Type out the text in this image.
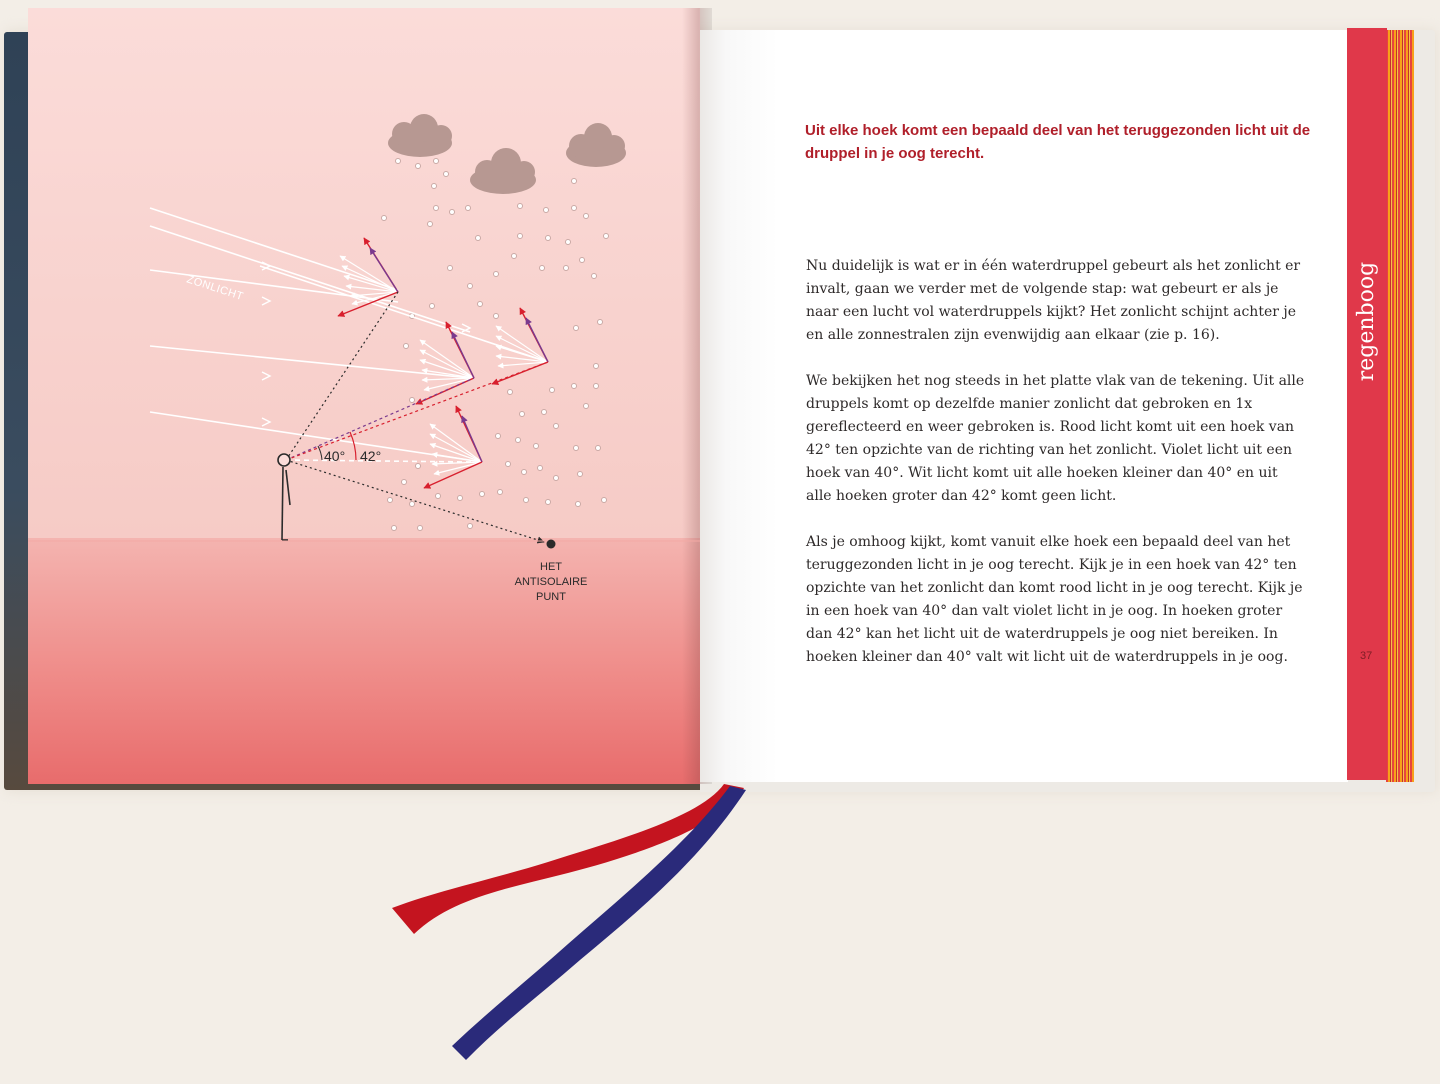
regenboog

Uit elke hoek komt een bepaald deel van het teruggezonden licht uit de druppel in je oog terecht.

Nu duidelijk is wat er in één waterdruppel gebeurt als het zonlicht er invalt, gaan we verder met de volgende stap: wat gebeurt er als je naar een lucht vol waterdruppels kijkt? Het zonlicht schijnt achter je en alle zonnestralen zijn evenwijdig aan elkaar (zie p. 16).

We bekijken het nog steeds in het platte vlak van de tekening. Uit alle druppels komt op dezelfde manier zonlicht dat gebroken en 1x gereflecteerd en weer gebroken is. Rood licht komt uit een hoek van 42° ten opzichte van de richting van het zonlicht. Violet licht uit een hoek van 40°. Wit licht komt uit alle hoeken kleiner dan 40° en uit alle hoeken groter dan 42° komt geen licht.

Als je omhoog kijkt, komt vanuit elke hoek een bepaald deel van het teruggezonden licht in je oog terecht. Kijk je in een hoek van 42° ten opzichte van het zonlicht dan komt rood licht in je oog terecht. Kijk je in een hoek van 40° dan valt violet licht in je oog. In hoeken groter dan 42° kan het licht uit de waterdruppels je oog niet bereiken. In hoeken kleiner dan 40° valt wit licht uit de waterdruppels in je oog.	37
ZONLICHT
40° 42°
HET
ANTISOLAIRE
PUNT
